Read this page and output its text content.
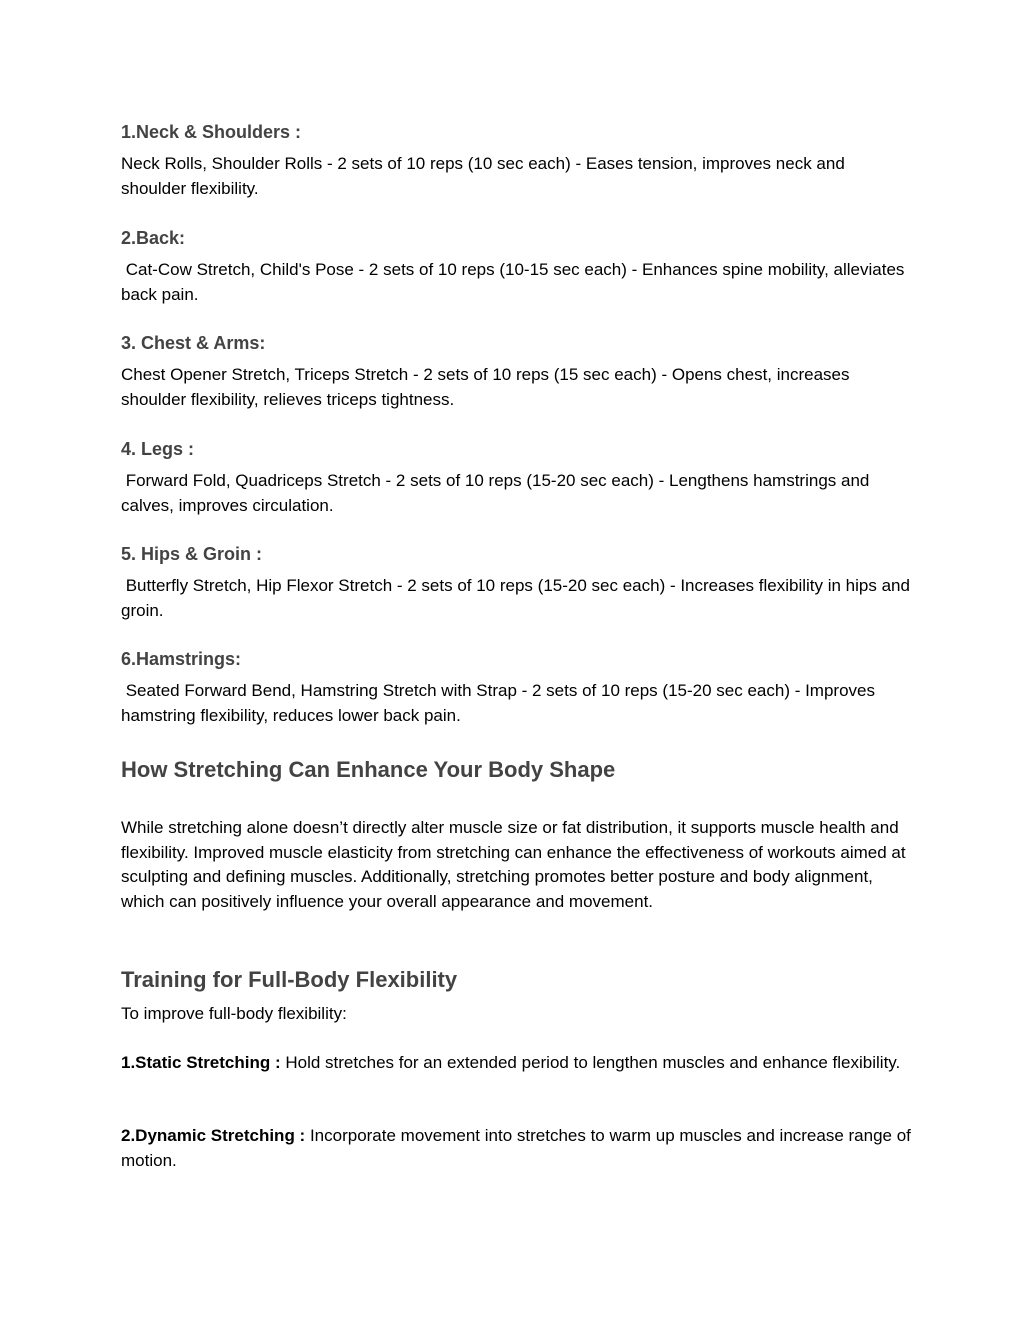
1.Neck & Shoulders :

Neck Rolls, Shoulder Rolls - 2 sets of 10 reps (10 sec each) - Eases tension, improves neck and shoulder flexibility.

2.Back:

Cat-Cow Stretch, Child's Pose - 2 sets of 10 reps (10-15 sec each) - Enhances spine mobility, alleviates back pain.

3. Chest & Arms:

Chest Opener Stretch, Triceps Stretch - 2 sets of 10 reps (15 sec each) - Opens chest, increases shoulder flexibility, relieves triceps tightness.

4. Legs :

Forward Fold, Quadriceps Stretch - 2 sets of 10 reps (15-20 sec each) - Lengthens hamstrings and calves, improves circulation.

5. Hips & Groin :

Butterfly Stretch, Hip Flexor Stretch - 2 sets of 10 reps (15-20 sec each) - Increases flexibility in hips and groin.

6.Hamstrings:

Seated Forward Bend, Hamstring Stretch with Strap - 2 sets of 10 reps (15-20 sec each) - Improves hamstring flexibility, reduces lower back pain.

How Stretching Can Enhance Your Body Shape

While stretching alone doesn’t directly alter muscle size or fat distribution, it supports muscle health and flexibility. Improved muscle elasticity from stretching can enhance the effectiveness of workouts aimed at sculpting and defining muscles. Additionally, stretching promotes better posture and body alignment, which can positively influence your overall appearance and movement.

Training for Full-Body Flexibility

To improve full-body flexibility:

1.Static Stretching : Hold stretches for an extended period to lengthen muscles and enhance flexibility.

2.Dynamic Stretching : Incorporate movement into stretches to warm up muscles and increase range of motion.
